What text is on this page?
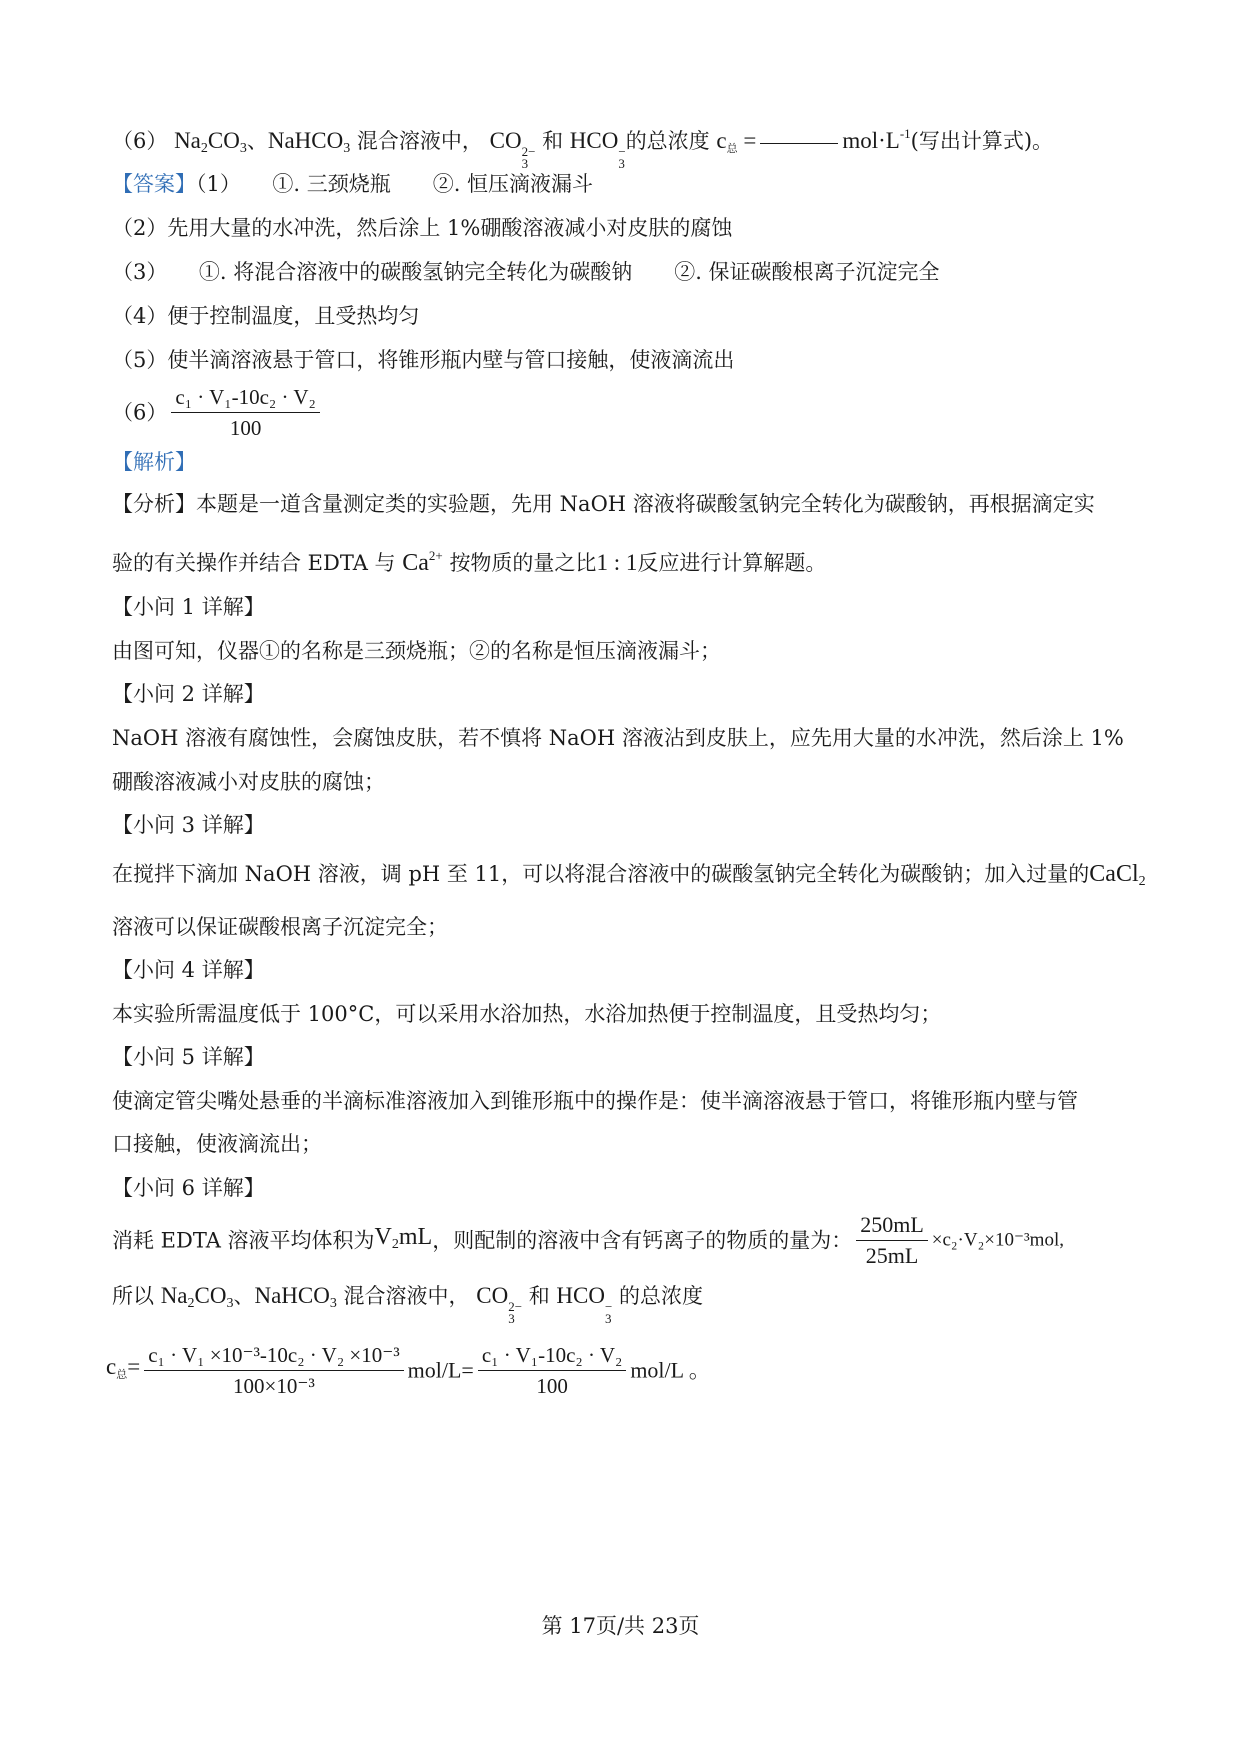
（6） $Na_2CO_3$、NaHCO$_3$ 混合溶液中， CO 2−
3
和 HCO −
3
的总浓度 $c_总$ =	$mol\cdot L^{-1}$(写出计算式)。
【答案】（1）　　①. 三颈烧瓶　　②. 恒压滴液漏斗
（2）先用大量的水冲洗，然后涂上 1%硼酸溶液减小对皮肤的腐蚀
（3）　　①. 将混合溶液中的碳酸氢钠完全转化为碳酸钠　　②. 保证碳酸根离子沉淀完全
（4）便于控制温度，且受热均匀
（5）使半滴溶液悬于管口，将锥形瓶内壁与管口接触，使液滴流出
$(6) \frac{\text{c₁ · V₁-10c₂ · V₂}}{100}$
【解析】
【分析】本题是一道含量测定类的实验题，先用 NaOH 溶液将碳酸氢钠完全转化为碳酸钠，再根据滴定实
验的有关操作并结合 EDTA 与 $Ca^{2+}$ 按物质的量之比1 : 1反应进行计算解题。
【小问 1 详解】
由图可知，仪器①的名称是三颈烧瓶；②的名称是恒压滴液漏斗；
【小问 2 详解】
NaOH 溶液有腐蚀性，会腐蚀皮肤，若不慎将 NaOH 溶液沾到皮肤上，应先用大量的水冲洗，然后涂上 1%
硼酸溶液减小对皮肤的腐蚀；
【小问 3 详解】
在搅拌下滴加 NaOH 溶液，调 pH 至 11，可以将混合溶液中的碳酸氢钠完全转化为碳酸钠；加入过量的CaCl$_2$
溶液可以保证碳酸根离子沉淀完全；
【小问 4 详解】
本实验所需温度低于 100°C，可以采用水浴加热，水浴加热便于控制温度，且受热均匀；
【小问 5 详解】
使滴定管尖嘴处悬垂的半滴标准溶液加入到锥形瓶中的操作是：使半滴溶液悬于管口，将锥形瓶内壁与管
口接触，使液滴流出；
【小问 6 详解】
消耗 EDTA 溶液平均体积为$V_2mL$，则配制的溶液中含有钙离子的物质的量为： $\frac{250mL}{25mL} \times c_2\cdot V_2\times 10^{-3}mol$,
所以 $Na_2CO_3$、NaHCO$_3$ 混合溶液中， CO 2−
3
和 HCO −
3
的总浓度
$c_总= \frac{\text{c₁ · V₁ ×10⁻³-10c₂ · V₂ ×10⁻³}}{\text{100×10⁻³}} mol/L= \frac{\text{c₁ · V₁-10c₂ · V₂}}{100} mol/L$ 。
第 17页/共 23页
